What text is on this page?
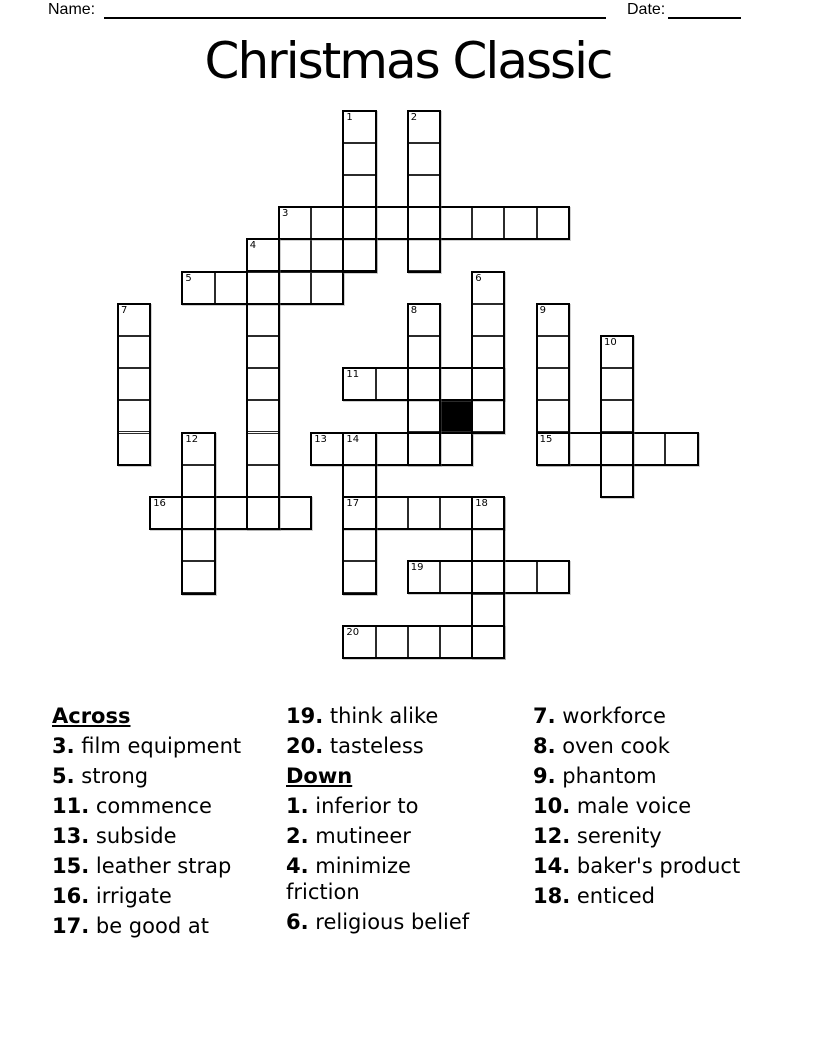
Name:	Date:
Christmas Classic
3
5
11
13 14	15
16	17	18
19
20
4
1	2
6
7	8	9
10
12
Across
3. film equipment
5. strong
11. commence
13. subside
15. leather strap
16. irrigate
17. be good at
19. think alike
20. tasteless
Down
1. inferior to
2. mutineer
4. minimize friction
6. religious belief
7. workforce
8. oven cook
9. phantom
10. male voice
12. serenity
14. baker's product
18. enticed
